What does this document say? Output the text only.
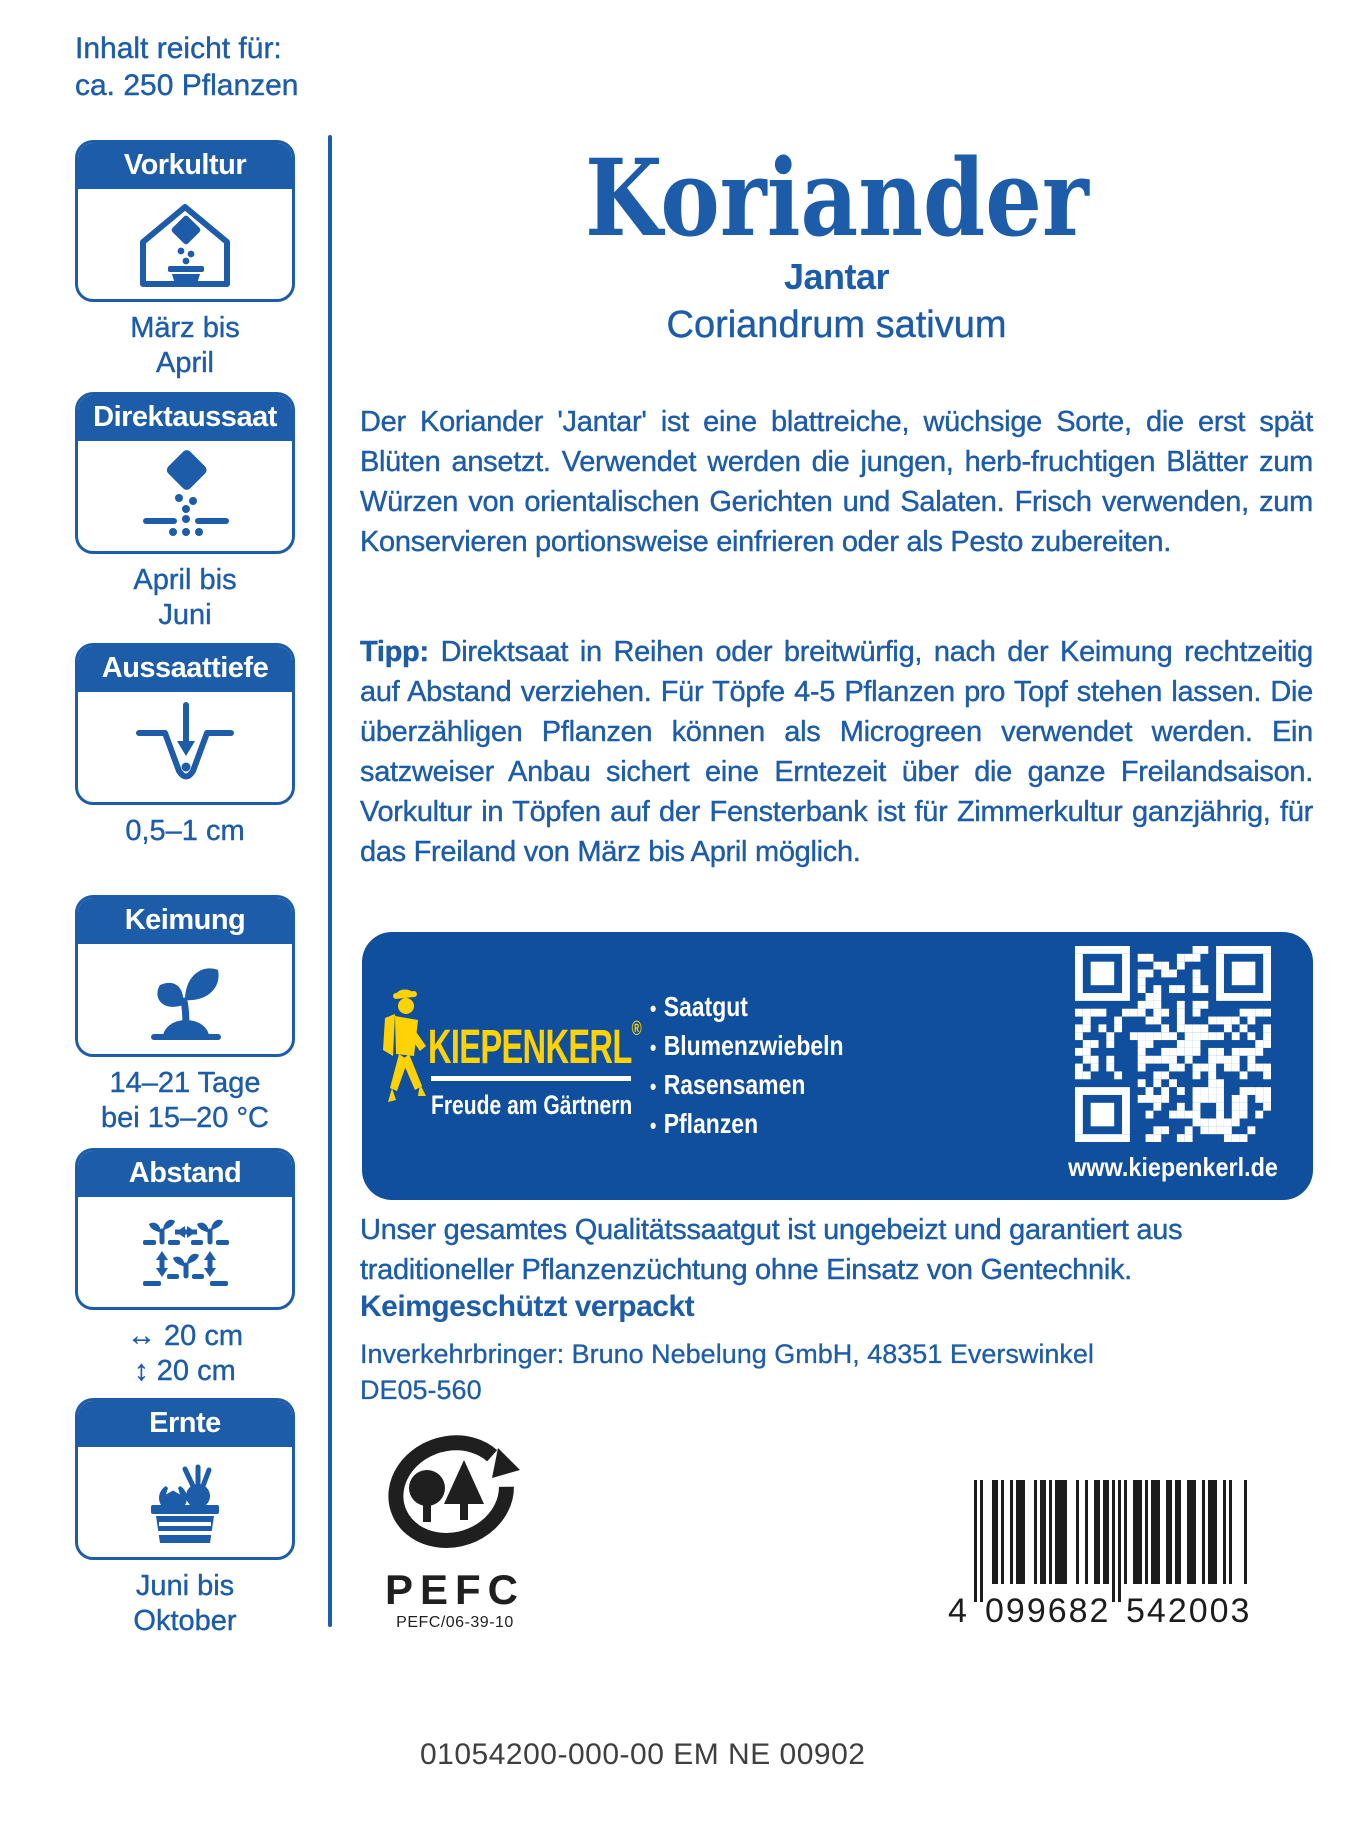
Inhalt reicht für:
ca. 250 Pflanzen
Vorkultur
März bis
April
Direktaussaat
April bis
Juni
Aussaattiefe
0,5–1 cm
Keimung
14–21 Tage
bei 15–20 °C
Abstand
↔ 20 cm
↕ 20 cm
Ernte
Juni bis
Oktober
Koriander
Jantar
Coriandrum sativum

Der Koriander 'Jantar' ist eine blattreiche, wüchsige Sorte, die erst spät Blüten ansetzt. Verwendet werden die jungen, herb-fruchtigen Blätter zum Würzen von orientalischen Gerichten und Salaten. Frisch verwenden, zum Konservieren portionsweise einfrieren oder als Pesto zubereiten.

Tipp: Direktsaat in Reihen oder breitwürfig, nach der Keimung rechtzeitig auf Abstand verziehen. Für Töpfe 4-5 Pflanzen pro Topf stehen lassen. Die überzähligen Pflanzen können als Microgreen verwendet werden. Ein satzweiser Anbau sichert eine Erntezeit über die ganze Freilandsaison. Vorkultur in Töpfen auf der Fensterbank ist für Zimmerkultur ganzjährig, für das Freiland von März bis April möglich.

KIEPENKERL®
Freude am Gärtnern
• Saatgut
• Blumenzwiebeln
• Rasensamen
• Pflanzen
www.kiepenkerl.de

Unser gesamtes Qualitätssaatgut ist ungebeizt und garantiert aus traditioneller Pflanzenzüchtung ohne Einsatz von Gentechnik.

Keimgeschützt verpackt
Inverkehrbringer: Bruno Nebelung GmbH, 48351 Everswinkel
DE05-560
PEFC
PEFC/06-39-10	4 099682 542003
01054200-000-00 EM NE 00902
